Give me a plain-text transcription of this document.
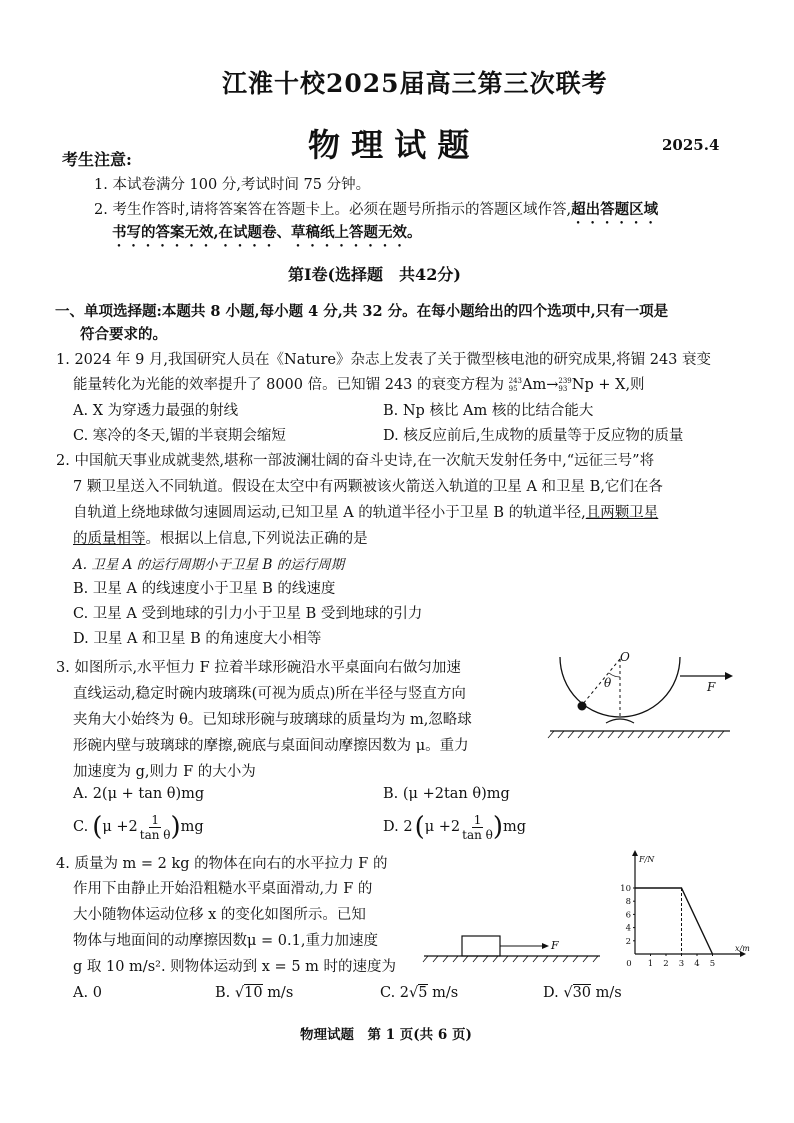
江淮十校2025届高三第三次联考
物 理 试 题	2025.4
考生注意:
1. 本试卷满分 100 分,考试时间 75 分钟。
2. 考生作答时,请将答案答在答题卡上。必须在题号所指示的答题区域作答,超出答题区域
书写的答案无效,在试题卷、草稿纸上答题无效。
第Ⅰ卷(选择题　共42分)
一、单项选择题:本题共 8 小题,每小题 4 分,共 32 分。在每小题给出的四个选项中,只有一项是
符合要求的。
1. 2024 年 9 月,我国研究人员在《Nature》杂志上发表了关于微型核电池的研究成果,将镅 243 衰变
能量转化为光能的效率提升了 8000 倍。已知镅 243 的衰变方程为 243
95 Am→ 239
93 Np + X,则
A. X 为穿透力最强的射线	B. Np 核比 Am 核的比结合能大
C. 寒冷的冬天,镅的半衰期会缩短	D. 核反应前后,生成物的质量等于反应物的质量
2. 中国航天事业成就斐然,堪称一部波澜壮阔的奋斗史诗,在一次航天发射任务中,“远征三号”将
7 颗卫星送入不同轨道。假设在太空中有两颗被该火箭送入轨道的卫星 A 和卫星 B,它们在各
自轨道上绕地球做匀速圆周运动,已知卫星 A 的轨道半径小于卫星 B 的轨道半径,且两颗卫星
的质量相等。根据以上信息,下列说法正确的是
A. 卫星 A 的运行周期小于卫星 B 的运行周期
B. 卫星 A 的线速度小于卫星 B 的线速度
C. 卫星 A 受到地球的引力小于卫星 B 受到地球的引力
D. 卫星 A 和卫星 B 的角速度大小相等
3. 如图所示,水平恒力 F 拉着半球形碗沿水平桌面向右做匀加速
直线运动,稳定时碗内玻璃珠(可视为质点)所在半径与竖直方向
夹角大小始终为 θ。已知球形碗与玻璃球的质量均为 m,忽略球
形碗内壁与玻璃球的摩擦,碗底与桌面间动摩擦因数为 μ。重力
加速度为 g,则力 F 的大小为
A. 2(μ + tan θ)mg	B. (μ +2tan θ)mg
C. ( $\mu +2 \frac{1}{\text{tan θ}}$ ) mg	D. 2 ( $\mu +2 \frac{1}{\text{tan θ}}$ ) mg
O
θ	F
4. 质量为 m = 2 kg 的物体在向右的水平拉力 F 的
作用下由静止开始沿粗糙水平桌面滑动,力 F 的
大小随物体运动位移 x 的变化如图所示。已知
物体与地面间的动摩擦因数μ = 0.1,重力加速度
g 取 10 m/s². 则物体运动到 x = 5 m 时的速度为
A. 0	B. √10 m/s	C. 2√5 m/s	D. √30 m/s
F
F/N
x/m
10
8
6
4
2
0 1 2 3 4 5
物理试题　第 1 页(共 6 页)
